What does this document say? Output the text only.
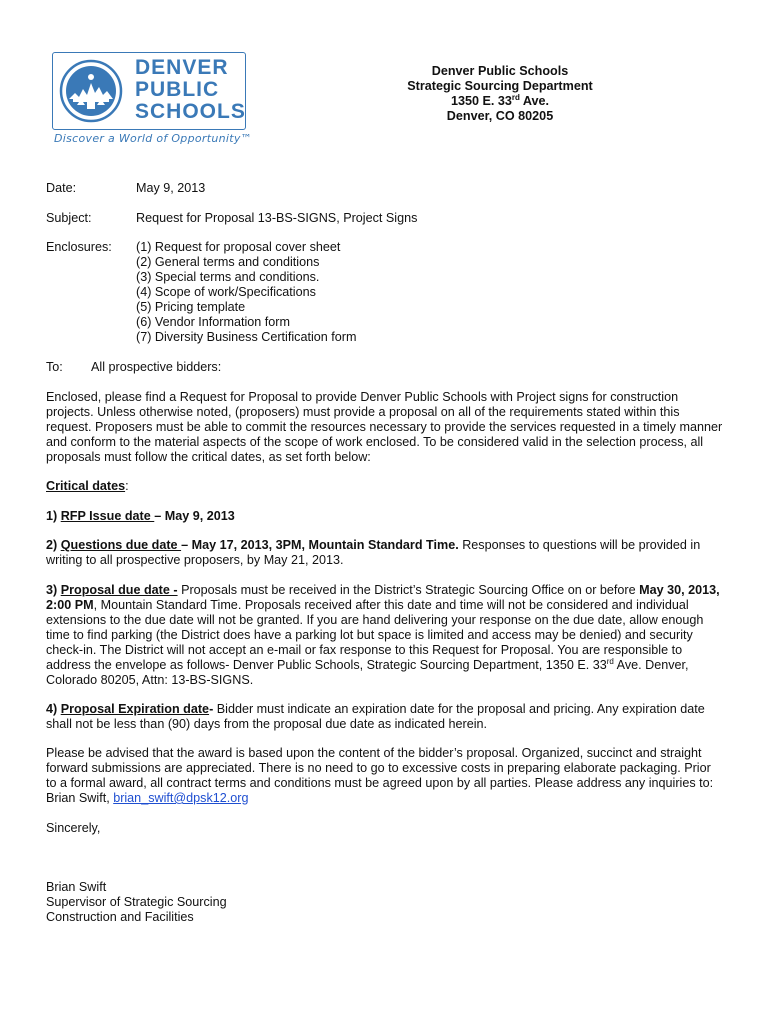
DENVER
PUBLIC
SCHOOLS
Discover a World of Opportunity™
Denver Public Schools
Strategic Sourcing Department
1350 E. 33rd Ave.
Denver, CO 80205
Date:	May 9, 2013
Subject:	Request for Proposal 13-BS-SIGNS, Project Signs
Enclosures: (1) Request for proposal cover sheet
(2) General terms and conditions
(3) Special terms and conditions.
(4) Scope of work/Specifications
(5) Pricing template
(6) Vendor Information form
(7) Diversity Business Certification form
To: All prospective bidders:
Enclosed, please find a Request for Proposal to provide Denver Public Schools with Project signs for construction
projects. Unless otherwise noted, (proposers) must provide a proposal on all of the requirements stated within this
request. Proposers must be able to commit the resources necessary to provide the services requested in a timely manner
and conform to the material aspects of the scope of work enclosed. To be considered valid in the selection process, all
proposals must follow the critical dates, as set forth below:
Critical dates:
1) RFP Issue date – May 9, 2013
2) Questions due date – May 17, 2013, 3PM, Mountain Standard Time. Responses to questions will be provided in
writing to all prospective proposers, by May 21, 2013.
3) Proposal due date - Proposals must be received in the District’s Strategic Sourcing Office on or before May 30, 2013,
2:00 PM, Mountain Standard Time. Proposals received after this date and time will not be considered and individual
extensions to the due date will not be granted. If you are hand delivering your response on the due date, allow enough
time to find parking (the District does have a parking lot but space is limited and access may be denied) and security
check-in. The District will not accept an e-mail or fax response to this Request for Proposal. You are responsible to
address the envelope as follows- Denver Public Schools, Strategic Sourcing Department, 1350 E. 33rd Ave. Denver,
Colorado 80205, Attn: 13-BS-SIGNS.
4) Proposal Expiration date- Bidder must indicate an expiration date for the proposal and pricing. Any expiration date
shall not be less than (90) days from the proposal due date as indicated herein.
Please be advised that the award is based upon the content of the bidder’s proposal. Organized, succinct and straight
forward submissions are appreciated. There is no need to go to excessive costs in preparing elaborate packaging. Prior
to a formal award, all contract terms and conditions must be agreed upon by all parties. Please address any inquiries to:
Brian Swift, brian_swift@dpsk12.org
Sincerely,
Brian Swift
Supervisor of Strategic Sourcing
Construction and Facilities
